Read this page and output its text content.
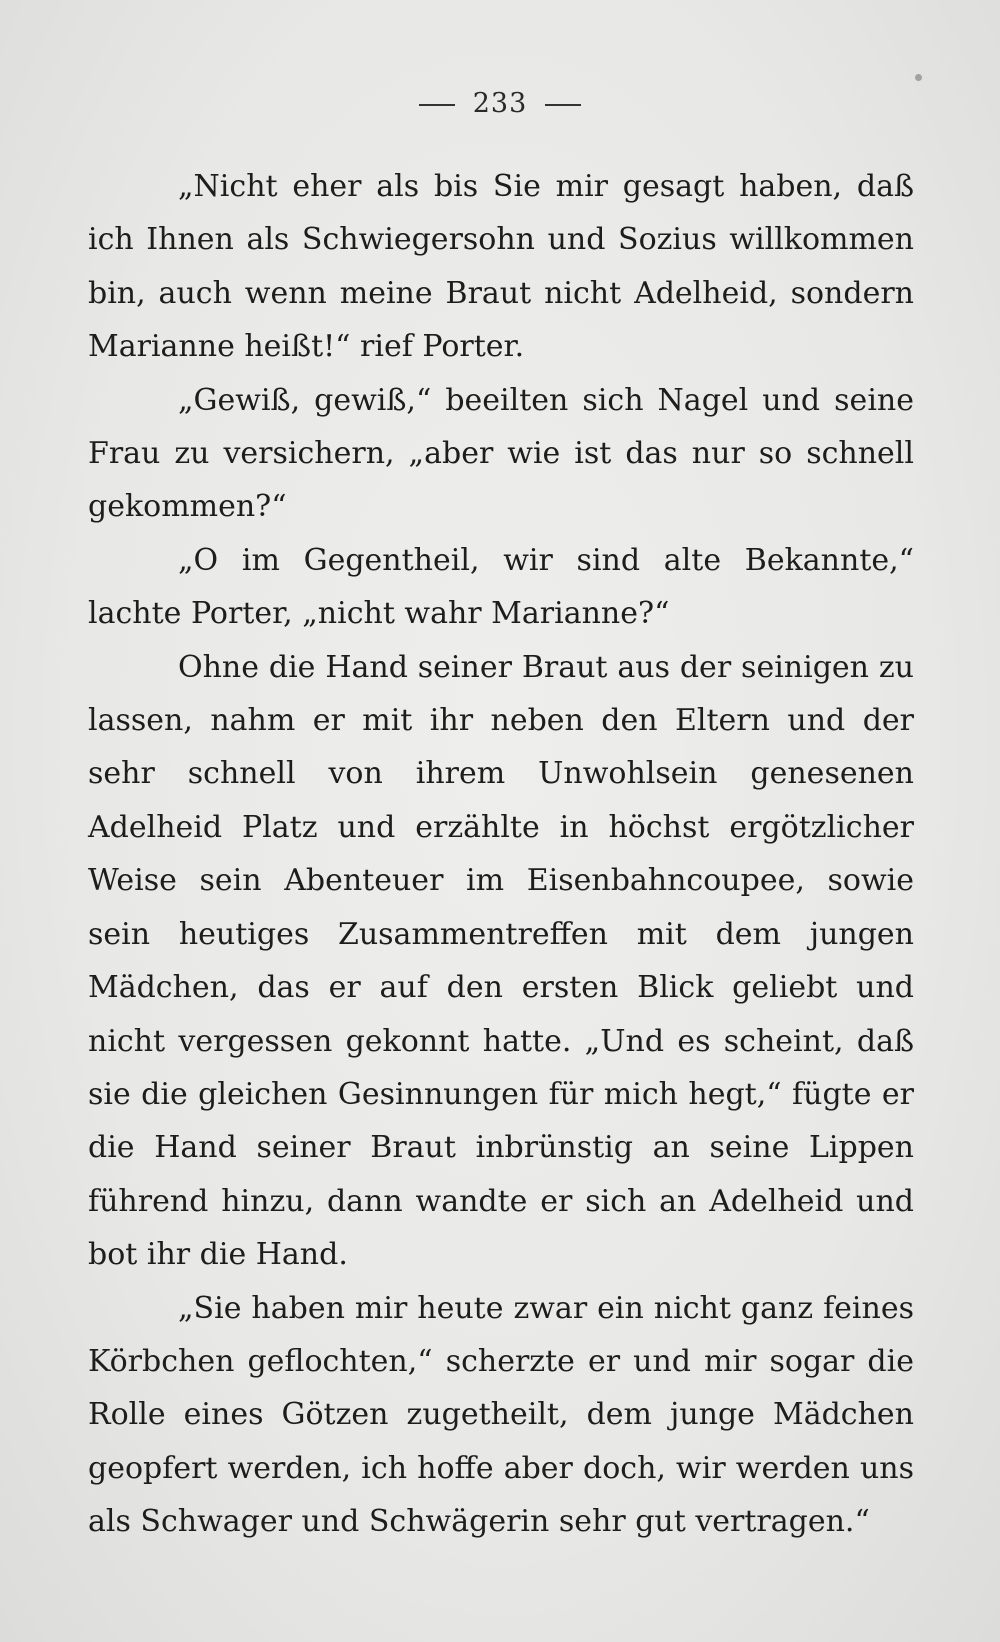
233

„Nicht eher als bis Sie mir gesagt haben, daß ich Ihnen als Schwiegersohn und Sozius willkommen bin, auch wenn meine Braut nicht Adelheid, sondern Marianne heißt!“ rief Porter.

„Gewiß, gewiß,“ beeilten sich Nagel und seine Frau zu versichern, „aber wie ist das nur so schnell gekommen?“

„O im Gegentheil, wir sind alte Bekannte,“ lachte Porter, „nicht wahr Marianne?“

Ohne die Hand seiner Braut aus der seinigen zu lassen, nahm er mit ihr neben den Eltern und der sehr schnell von ihrem Unwohlsein genesenen Adelheid Platz und erzählte in höchst ergötzlicher Weise sein Abenteuer im Eisenbahncoupee, sowie sein heutiges Zusammentreffen mit dem jungen Mädchen, das er auf den ersten Blick geliebt und nicht vergessen gekonnt hatte. „Und es scheint, daß sie die gleichen Gesinnungen für mich hegt,“ fügte er die Hand seiner Braut inbrünstig an seine Lippen führend hinzu, dann wandte er sich an Adelheid und bot ihr die Hand.

„Sie haben mir heute zwar ein nicht ganz feines Körbchen geflochten,“ scherzte er und mir sogar die Rolle eines Götzen zugetheilt, dem junge Mädchen geopfert werden, ich hoffe aber doch, wir werden uns als Schwager und Schwägerin sehr gut vertragen.“
